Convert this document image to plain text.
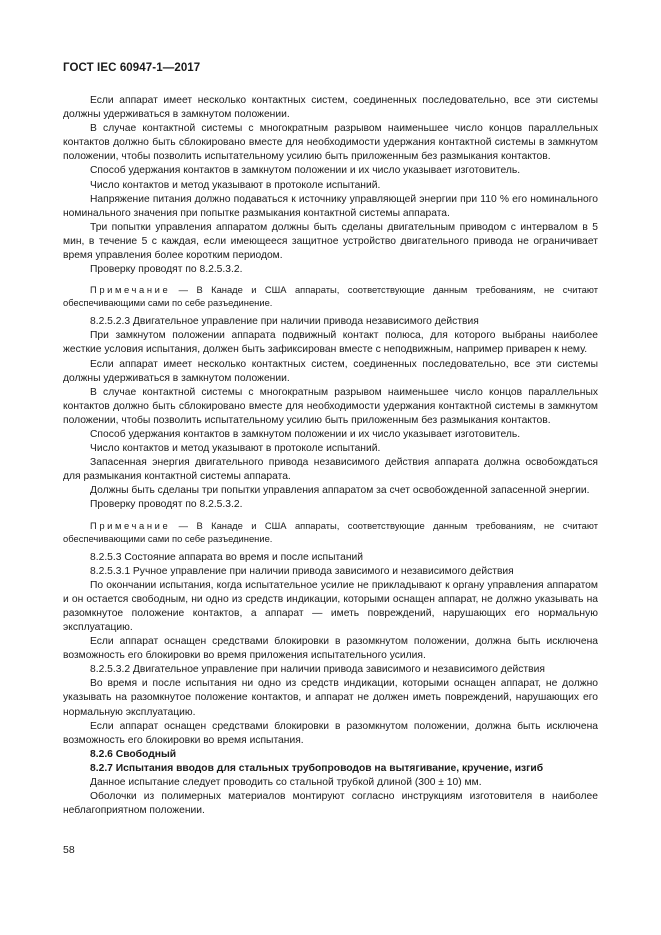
ГОСТ IEC 60947-1—2017

Если аппарат имеет несколько контактных систем, соединенных последовательно, все эти системы должны удерживаться в замкнутом положении.

В случае контактной системы с многократным разрывом наименьшее число концов параллельных контактов должно быть сблокировано вместе для необходимости удержания контактной системы в замкнутом положении, чтобы позволить испытательному усилию быть приложенным без размыкания контактов.

Способ удержания контактов в замкнутом положении и их число указывает изготовитель.

Число контактов и метод указывают в протоколе испытаний.

Напряжение питания должно подаваться к источнику управляющей энергии при 110 % его номинального номинального значения при попытке размыкания контактной системы аппарата.

Три попытки управления аппаратом должны быть сделаны двигательным приводом с интервалом в 5 мин, в течение 5 с каждая, если имеющееся защитное устройство двигательного привода не ограничивает время управления более коротким периодом.

Проверку проводят по 8.2.5.3.2.

Примечание — В Канаде и США аппараты, соответствующие данным требованиям, не считают обеспечивающими сами по себе разъединение.

8.2.5.2.3 Двигательное управление при наличии привода независимого действия

При замкнутом положении аппарата подвижный контакт полюса, для которого выбраны наиболее жесткие условия испытания, должен быть зафиксирован вместе с неподвижным, например приварен к нему.

Если аппарат имеет несколько контактных систем, соединенных последовательно, все эти системы должны удерживаться в замкнутом положении.

В случае контактной системы с многократным разрывом наименьшее число концов параллельных контактов должно быть сблокировано вместе для необходимости удержания контактной системы в замкнутом положении, чтобы позволить испытательному усилию быть приложенным без размыкания контактов.

Способ удержания контактов в замкнутом положении и их число указывает изготовитель.

Число контактов и метод указывают в протоколе испытаний.

Запасенная энергия двигательного привода независимого действия аппарата должна освобождаться для размыкания контактной системы аппарата.

Должны быть сделаны три попытки управления аппаратом за счет освобожденной запасенной энергии.

Проверку проводят по 8.2.5.3.2.

Примечание — В Канаде и США аппараты, соответствующие данным требованиям, не считают обеспечивающими сами по себе разъединение.

8.2.5.3 Состояние аппарата во время и после испытаний

8.2.5.3.1 Ручное управление при наличии привода зависимого и независимого действия

По окончании испытания, когда испытательное усилие не прикладывают к органу управления аппаратом и он остается свободным, ни одно из средств индикации, которыми оснащен аппарат, не должно указывать на разомкнутое положение контактов, а аппарат — иметь повреждений, нарушающих его нормальную эксплуатацию.

Если аппарат оснащен средствами блокировки в разомкнутом положении, должна быть исключена возможность его блокировки во время приложения испытательного усилия.

8.2.5.3.2 Двигательное управление при наличии привода зависимого и независимого действия

Во время и после испытания ни одно из средств индикации, которыми оснащен аппарат, не должно указывать на разомкнутое положение контактов, и аппарат не должен иметь повреждений, нарушающих его нормальную эксплуатацию.

Если аппарат оснащен средствами блокировки в разомкнутом положении, должна быть исключена возможность его блокировки во время испытания.

8.2.6 Свободный

8.2.7 Испытания вводов для стальных трубопроводов на вытягивание, кручение, изгиб

Данное испытание следует проводить со стальной трубкой длиной (300 ± 10) мм.

Оболочки из полимерных материалов монтируют согласно инструкциям изготовителя в наиболее неблагоприятном положении.

58
